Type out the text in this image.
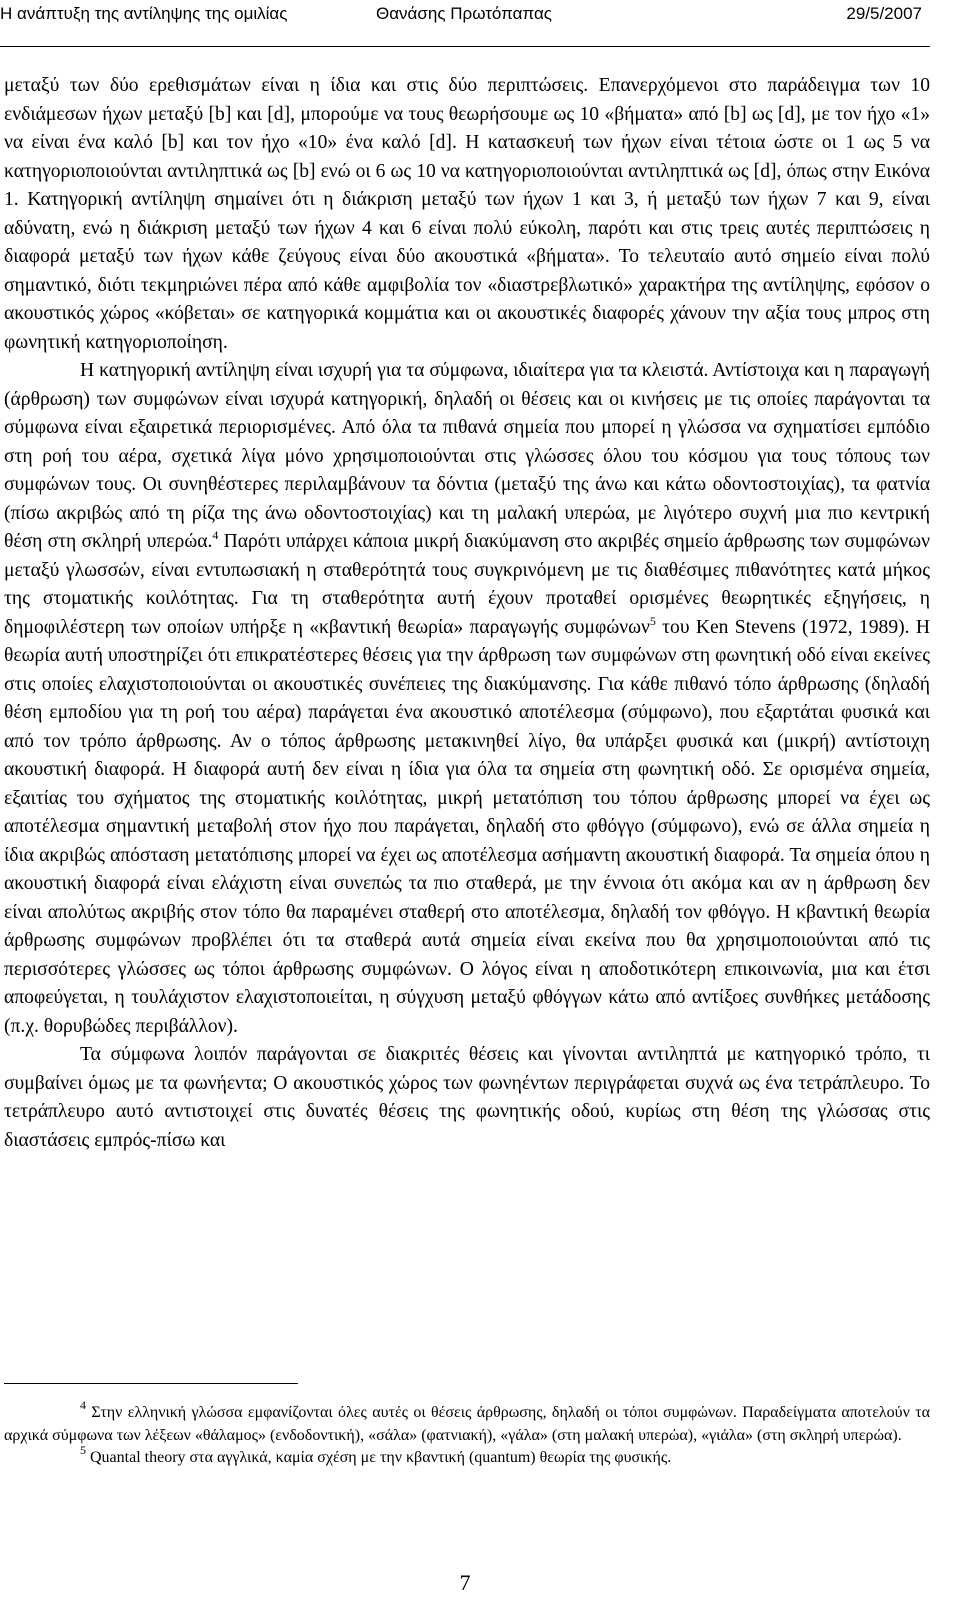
Η ανάπτυξη της αντίληψης της ομιλίας	Θανάσης Πρωτόπαπας	29/5/2007

μεταξύ των δύο ερεθισμάτων είναι η ίδια και στις δύο περιπτώσεις. Επανερχόμενοι στο παράδειγμα των 10 ενδιάμεσων ήχων μεταξύ [b] και [d], μπορούμε να τους θεωρήσουμε ως 10 «βήματα» από [b] ως [d], με τον ήχο «1» να είναι ένα καλό [b] και τον ήχο «10» ένα καλό [d]. Η κατασκευή των ήχων είναι τέτοια ώστε οι 1 ως 5 να κατηγοριοποιούνται αντιληπτικά ως [b] ενώ οι 6 ως 10 να κατηγοριοποιούνται αντιληπτικά ως [d], όπως στην Εικόνα 1. Κατηγορική αντίληψη σημαίνει ότι η διάκριση μεταξύ των ήχων 1 και 3, ή μεταξύ των ήχων 7 και 9, είναι αδύνατη, ενώ η διάκριση μεταξύ των ήχων 4 και 6 είναι πολύ εύκολη, παρότι και στις τρεις αυτές περιπτώσεις η διαφορά μεταξύ των ήχων κάθε ζεύγους είναι δύο ακουστικά «βήματα». Το τελευταίο αυτό σημείο είναι πολύ σημαντικό, διότι τεκμηριώνει πέρα από κάθε αμφιβολία τον «διαστρεβλωτικό» χαρακτήρα της αντίληψης, εφόσον ο ακουστικός χώρος «κόβεται» σε κατηγορικά κομμάτια και οι ακουστικές διαφορές χάνουν την αξία τους μπρος στη φωνητική κατηγοριοποίηση.

Η κατηγορική αντίληψη είναι ισχυρή για τα σύμφωνα, ιδιαίτερα για τα κλειστά. Αντίστοιχα και η παραγωγή (άρθρωση) των συμφώνων είναι ισχυρά κατηγορική, δηλαδή οι θέσεις και οι κινήσεις με τις οποίες παράγονται τα σύμφωνα είναι εξαιρετικά περιορισμένες. Από όλα τα πιθανά σημεία που μπορεί η γλώσσα να σχηματίσει εμπόδιο στη ροή του αέρα, σχετικά λίγα μόνο χρησιμοποιούνται στις γλώσσες όλου του κόσμου για τους τόπους των συμφώνων τους. Οι συνηθέστερες περιλαμβάνουν τα δόντια (μεταξύ της άνω και κάτω οδοντοστοιχίας), τα φατνία (πίσω ακριβώς από τη ρίζα της άνω οδοντοστοιχίας) και τη μαλακή υπερώα, με λιγότερο συχνή μια πιο κεντρική θέση στη σκληρή υπερώα.$^4$ Παρότι υπάρχει κάποια μικρή διακύμανση στο ακριβές σημείο άρθρωσης των συμφώνων μεταξύ γλωσσών, είναι εντυπωσιακή η σταθερότητά τους συγκρινόμενη με τις διαθέσιμες πιθανότητες κατά μήκος της στοματικής κοιλότητας. Για τη σταθερότητα αυτή έχουν προταθεί ορισμένες θεωρητικές εξηγήσεις, η δημοφιλέστερη των οποίων υπήρξε η «κβαντική θεωρία» παραγωγής συμφώνων$^5$ του Ken Stevens (1972, 1989). Η θεωρία αυτή υποστηρίζει ότι επικρατέστερες θέσεις για την άρθρωση των συμφώνων στη φωνητική οδό είναι εκείνες στις οποίες ελαχιστοποιούνται οι ακουστικές συνέπειες της διακύμανσης. Για κάθε πιθανό τόπο άρθρωσης (δηλαδή θέση εμποδίου για τη ροή του αέρα) παράγεται ένα ακουστικό αποτέλεσμα (σύμφωνο), που εξαρτάται φυσικά και από τον τρόπο άρθρωσης. Αν ο τόπος άρθρωσης μετακινηθεί λίγο, θα υπάρξει φυσικά και (μικρή) αντίστοιχη ακουστική διαφορά. Η διαφορά αυτή δεν είναι η ίδια για όλα τα σημεία στη φωνητική οδό. Σε ορισμένα σημεία, εξαιτίας του σχήματος της στοματικής κοιλότητας, μικρή μετατόπιση του τόπου άρθρωσης μπορεί να έχει ως αποτέλεσμα σημαντική μεταβολή στον ήχο που παράγεται, δηλαδή στο φθόγγο (σύμφωνο), ενώ σε άλλα σημεία η ίδια ακριβώς απόσταση μετατόπισης μπορεί να έχει ως αποτέλεσμα ασήμαντη ακουστική διαφορά. Τα σημεία όπου η ακουστική διαφορά είναι ελάχιστη είναι συνεπώς τα πιο σταθερά, με την έννοια ότι ακόμα και αν η άρθρωση δεν είναι απολύτως ακριβής στον τόπο θα παραμένει σταθερή στο αποτέλεσμα, δηλαδή τον φθόγγο. Η κβαντική θεωρία άρθρωσης συμφώνων προβλέπει ότι τα σταθερά αυτά σημεία είναι εκείνα που θα χρησιμοποιούνται από τις περισσότερες γλώσσες ως τόποι άρθρωσης συμφώνων. Ο λόγος είναι η αποδοτικότερη επικοινωνία, μια και έτσι αποφεύγεται, η τουλάχιστον ελαχιστοποιείται, η σύγχυση μεταξύ φθόγγων κάτω από αντίξοες συνθήκες μετάδοσης (π.χ. θορυβώδες περιβάλλον).

Τα σύμφωνα λοιπόν παράγονται σε διακριτές θέσεις και γίνονται αντιληπτά με κατηγορικό τρόπο, τι συμβαίνει όμως με τα φωνήεντα; Ο ακουστικός χώρος των φωνηέντων περιγράφεται συχνά ως ένα τετράπλευρο. Το τετράπλευρο αυτό αντιστοιχεί στις δυνατές θέσεις της φωνητικής οδού, κυρίως στη θέση της γλώσσας στις διαστάσεις εμπρός-πίσω και

$^4$ Στην ελληνική γλώσσα εμφανίζονται όλες αυτές οι θέσεις άρθρωσης, δηλαδή οι τόποι συμφώνων. Παραδείγματα αποτελούν τα αρχικά σύμφωνα των λέξεων «θάλαμος» (ενδοδοντική), «σάλα» (φατνιακή), «γάλα» (στη μαλακή υπερώα), «γιάλα» (στη σκληρή υπερώα).

$^5$ Quantal theory στα αγγλικά, καμία σχέση με την κβαντική (quantum) θεωρία της φυσικής.

7
